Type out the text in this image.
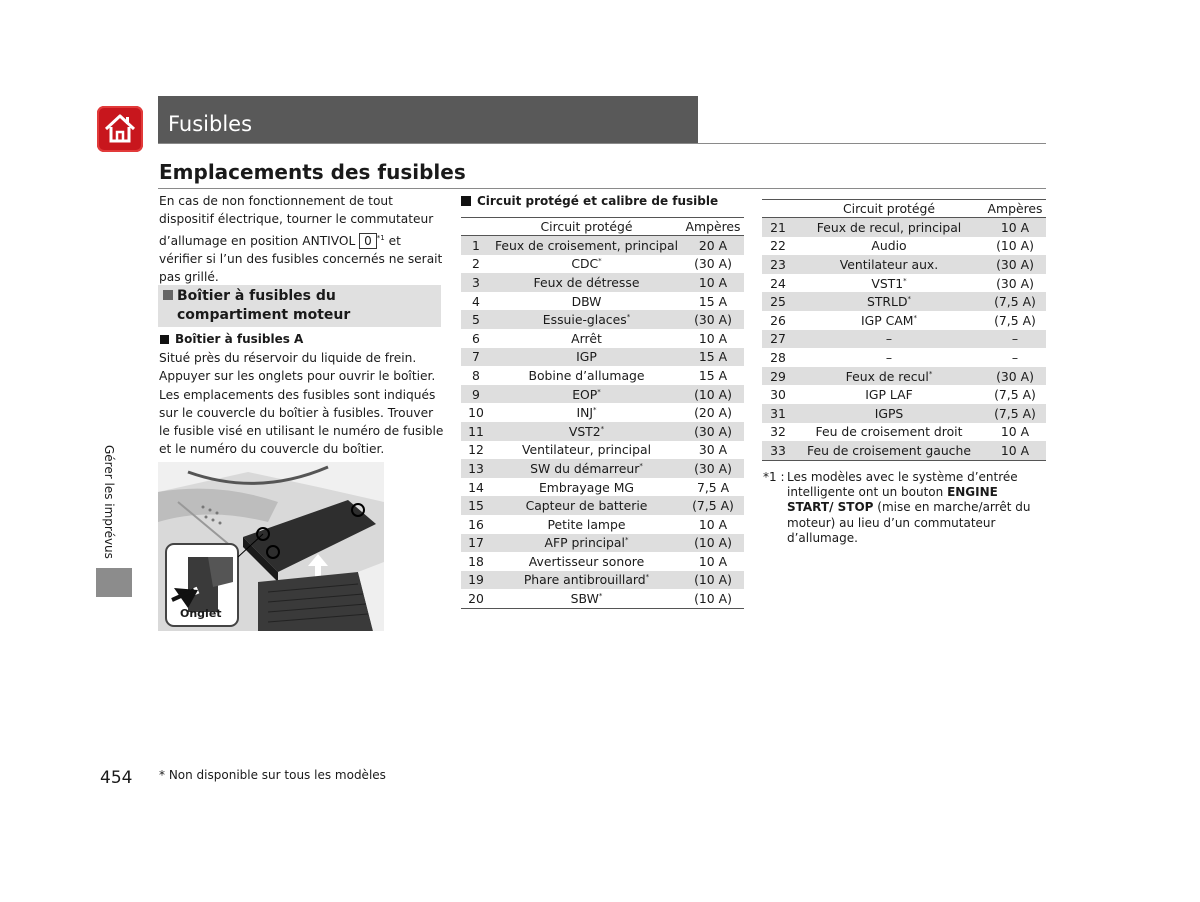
Fusibles
Emplacements des fusibles
En cas de non fonctionnement de tout dispositif électrique, tourner le commutateur d’allumage en position ANTIVOL 0 $^{*1}$ et vérifier si l’un des fusibles concernés ne serait pas grillé.
Boîtier à fusibles du compartiment moteur
Boîtier à fusibles A
Situé près du réservoir du liquide de frein. Appuyer sur les onglets pour ouvrir le boîtier. Les emplacements des fusibles sont indiqués sur le couvercle du boîtier à fusibles. Trouver le fusible visé en utilisant le numéro de fusible et le numéro du couvercle du boîtier.
Onglet
Gérer les imprévus
Circuit protégé et calibre de fusible
	Circuit protégé	Ampères
1	Feux de croisement, principal	20 A
2	CDC*	(30 A)
3	Feux de détresse	10 A
4	DBW	15 A
5	Essuie-glaces*	(30 A)
6	Arrêt	10 A
7	IGP	15 A
8	Bobine d’allumage	15 A
9	EOP*	(10 A)
10	INJ*	(20 A)
11	VST2*	(30 A)
12	Ventilateur, principal	30 A
13	SW du démarreur*	(30 A)
14	Embrayage MG	7,5 A
15	Capteur de batterie	(7,5 A)
16	Petite lampe	10 A
17	AFP principal*	(10 A)
18	Avertisseur sonore	10 A
19	Phare antibrouillard*	(10 A)
20	SBW*	(10 A)
	Circuit protégé	Ampères
21	Feux de recul, principal	10 A
22	Audio	(10 A)
23	Ventilateur aux.	(30 A)
24	VST1*	(30 A)
25	STRLD*	(7,5 A)
26	IGP CAM*	(7,5 A)
27	–	–
28	–	–
29	Feux de recul*	(30 A)
30	IGP LAF	(7,5 A)
31	IGPS	(7,5 A)
32	Feu de croisement droit	10 A
33	Feu de croisement gauche	10 A
*1 : Les modèles avec le système d’entrée intelligente ont un bouton ENGINE START/ STOP (mise en marche/arrêt du moteur) au lieu d’un commutateur d’allumage.
454 * Non disponible sur tous les modèles
